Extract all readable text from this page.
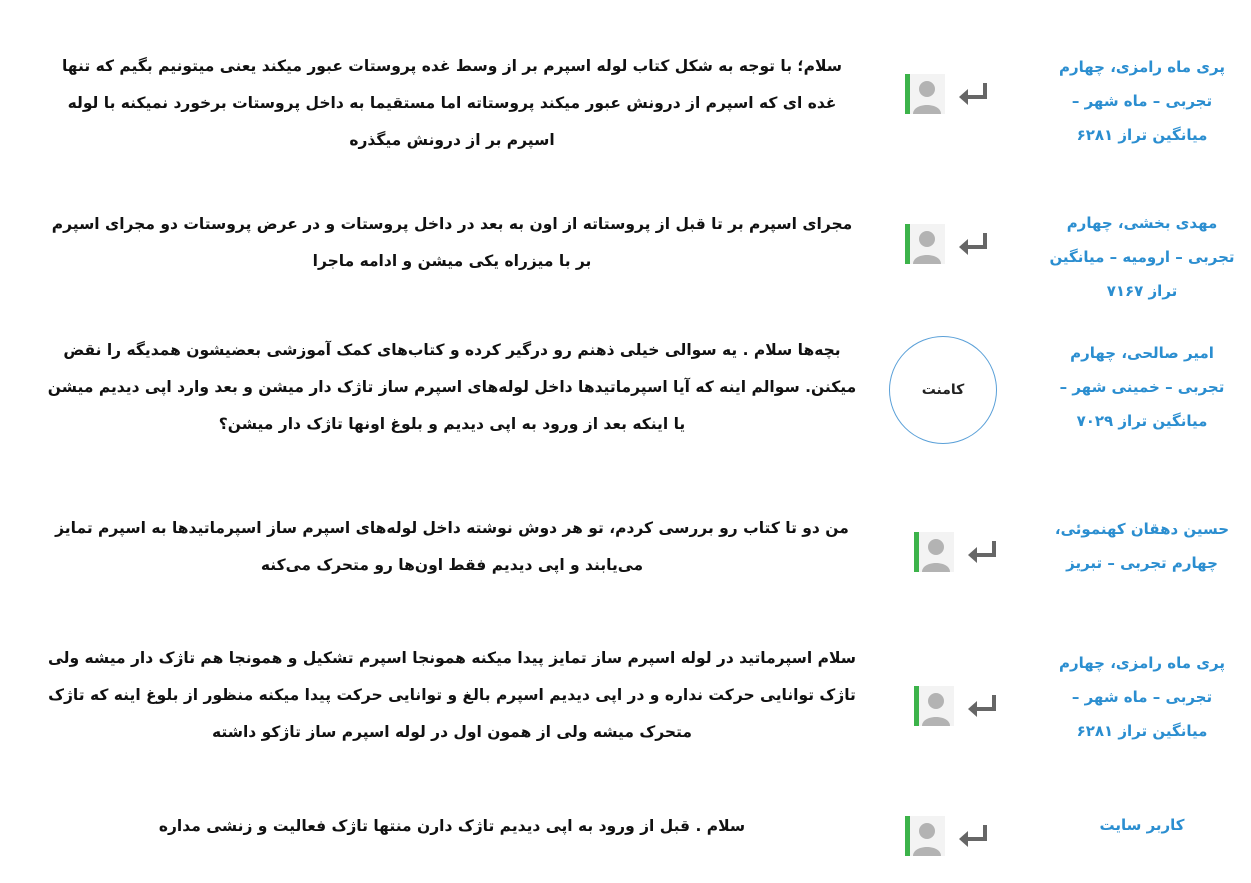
پری ماه رامزی، چهارم تجربی – ماه شهر – میانگین تراز ۶۲۸۱
سلام؛ با توجه به شکل کتاب لوله اسپرم بر از وسط غده پروستات عبور میکند یعنی میتونیم بگیم که تنها غده ای که اسپرم از درونش عبور میکند پروستاته اما مستقیما به داخل پروستات برخورد نمیکنه با لوله اسپرم بر از درونش میگذره
مهدی بخشی، چهارم تجربی – ارومیه – میانگین تراز ۷۱۶۷
مجرای اسپرم بر تا قبل از پروستاته از اون به بعد در داخل پروستات و در عرض پروستات دو مجرای اسپرم بر با میزراه یکی میشن و ادامه ماجرا
امیر صالحی، چهارم تجربی – خمینی شهر – میانگین تراز ۷۰۲۹
کامنت
بچه‌ها سلام . یه سوالی خیلی ذهنم رو درگیر کرده و کتاب‌های کمک آموزشی بعضیشون همدیگه را نقض میکنن. سوالم اینه که آیا اسپرماتیدها داخل لوله‌های اسپرم ساز تاژک دار میشن و بعد وارد اپی دیدیم میشن یا اینکه بعد از ورود به اپی دیدیم و بلوغ اونها تاژک دار میشن؟
حسین دهقان کهنموئی، چهارم تجربی – تبریز
من دو تا کتاب رو بررسی کردم، تو هر دوش نوشته داخل لوله‌های اسپرم ساز اسپرماتیدها به اسپرم تمایز می‌یابند و اپی دیدیم فقط اون‌ها رو متحرک می‌کنه
پری ماه رامزی، چهارم تجربی – ماه شهر – میانگین تراز ۶۲۸۱
سلام اسپرماتید در لوله اسپرم ساز تمایز پیدا میکنه همونجا اسپرم تشکیل و همونجا هم تاژک دار میشه ولی تاژک توانایی حرکت نداره و در اپی دیدیم اسپرم بالغ و توانایی حرکت پیدا میکنه منظور از بلوغ اینه که تاژک متحرک میشه ولی از همون اول در لوله اسپرم ساز تاژکو داشته
کاربر سایت
سلام . قبل از ورود به اپی دیدیم تاژک دارن منتها تاژک فعالیت و زنشی مداره
